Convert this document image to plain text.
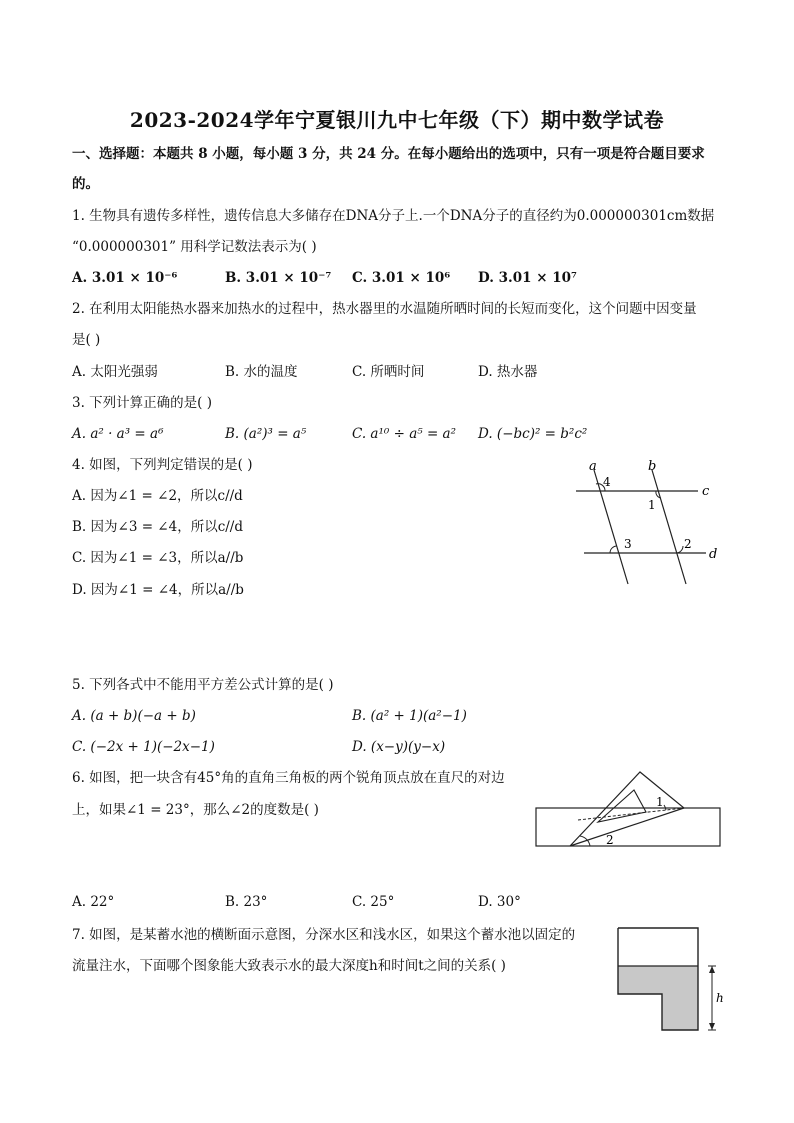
2023-2024学年宁夏银川九中七年级（下）期中数学试卷
一、选择题：本题共 8 小题，每小题 3 分，共 24 分。在每小题给出的选项中，只有一项是符合题目要求
的。
1. 生物具有遗传多样性，遗传信息大多储存在DNA分子上.一个DNA分子的直径约为0.000000301cm数据
“0.000000301” 用科学记数法表示为( )
A. 3.01 × 10⁻⁶	B. 3.01 × 10⁻⁷ C. 3.01 × 10⁶ D. 3.01 × 10⁷
2. 在利用太阳能热水器来加热水的过程中，热水器里的水温随所晒时间的长短而变化，这个问题中因变量
是( )
A. 太阳光强弱	B. 水的温度	C. 所晒时间	D. 热水器
3. 下列计算正确的是( )
A. a² · a³ = a⁶	B. (a²)³ = a⁵	C. a¹⁰ ÷ a⁵ = a² D. (−bc)² = b²c²
4. 如图，下列判定错误的是( )
A. 因为∠1 = ∠2，所以c//d
B. 因为∠3 = ∠4，所以c//d
C. 因为∠1 = ∠3，所以a//b
D. 因为∠1 = ∠4，所以a//b
a	b
c
d
4
1
3	2
5. 下列各式中不能用平方差公式计算的是( )
A. (a + b)(−a + b)	B. (a² + 1)(a²−1)
C. (−2x + 1)(−2x−1)	D. (x−y)(y−x)
6. 如图，把一块含有45°角的直角三角板的两个锐角顶点放在直尺的对边
上，如果∠1 = 23°，那么∠2的度数是( )	1
2
A. 22°	B. 23°	C. 25°	D. 30°
7. 如图，是某蓄水池的横断面示意图，分深水区和浅水区，如果这个蓄水池以固定的
流量注水，下面哪个图象能大致表示水的最大深度h和时间t之间的关系( )
h
